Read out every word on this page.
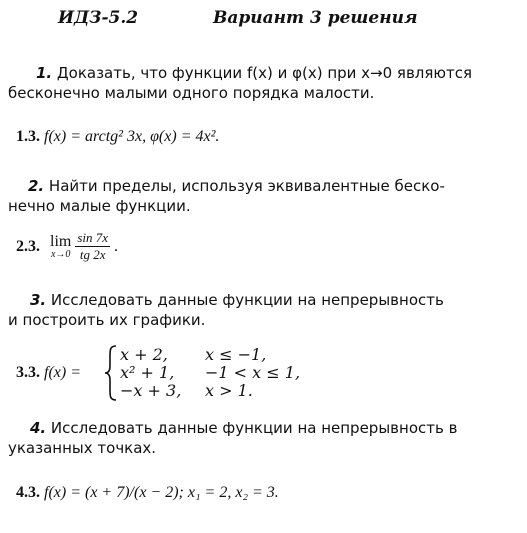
ИДЗ-5.2	Вариант 3 решения
1. Доказать, что функции f(x) и φ(x) при x→0 являются
бесконечно малыми одного порядка малости.
1.3. f(x) = arctg² 3x, φ(x) = 4x².
2. Найти пределы, используя эквивалентные беско-
нечно малые функции.
2.3. lim
$x\to 0 \frac{\sin 7x}{tg 2x}$ .
3. Исследовать данные функции на непрерывность
и построить их графики.
3.3. f(x) =
x + 2, x ≤ −1,
x² + 1, −1 < x ≤ 1,
−x + 3, x > 1.
4. Исследовать данные функции на непрерывность в
указанных точках.
4.3. f(x) = (x + 7)/(x − 2); x₁ = 2, x₂ = 3.
